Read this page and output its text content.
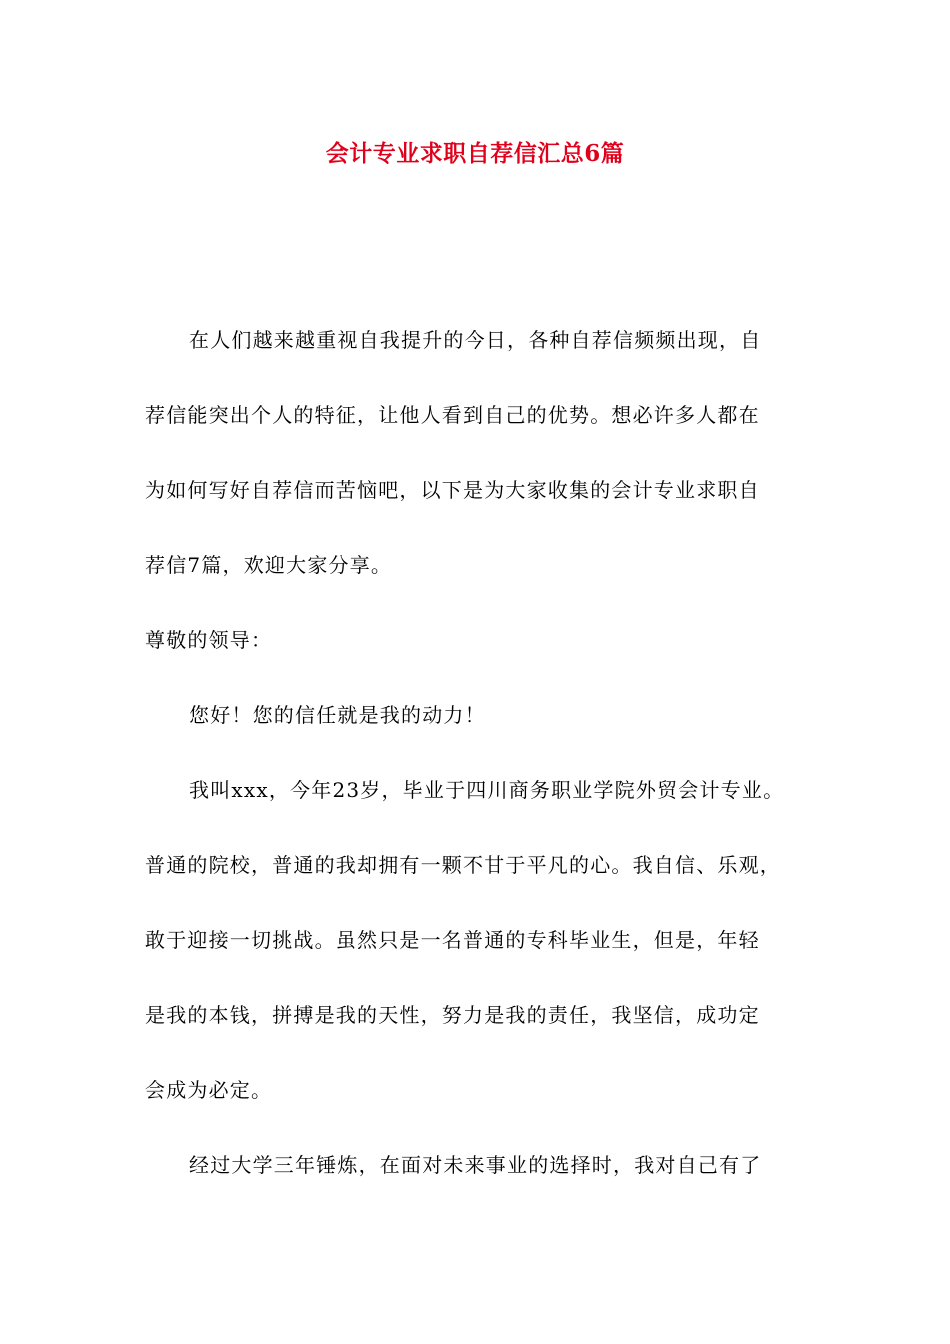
会计专业求职自荐信汇总6篇
在人们越来越重视自我提升的今日，各种自荐信频频出现，自
荐信能突出个人的特征，让他人看到自己的优势。想必许多人都在
为如何写好自荐信而苦恼吧，以下是为大家收集的会计专业求职自
荐信7篇，欢迎大家分享。
尊敬的领导：
您好！您的信任就是我的动力！
我叫xxx，今年23岁，毕业于四川商务职业学院外贸会计专业。
普通的院校，普通的我却拥有一颗不甘于平凡的心。我自信、乐观，
敢于迎接一切挑战。虽然只是一名普通的专科毕业生，但是，年轻
是我的本钱，拼搏是我的天性，努力是我的责任，我坚信，成功定
会成为必定。
经过大学三年锤炼，在面对未来事业的选择时，我对自己有了
